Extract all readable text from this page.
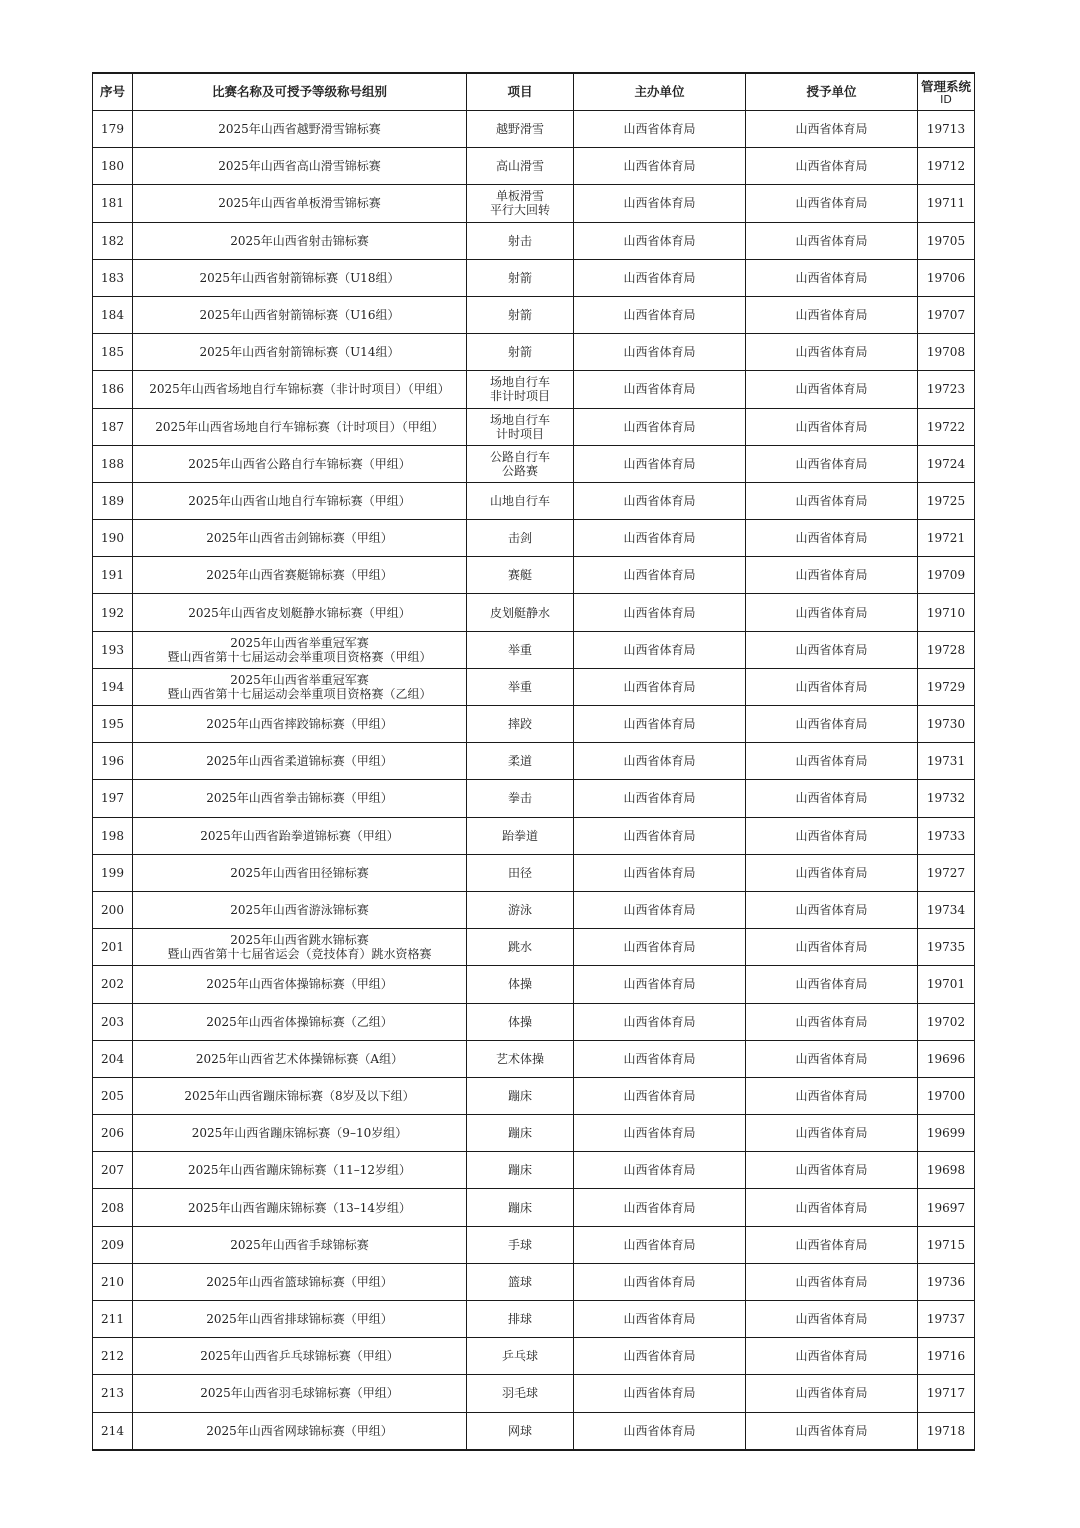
序号	比赛名称及可授予等级称号组别	项目	主办单位	授予单位	管理系统
ID

179	2025年山西省越野滑雪锦标赛	越野滑雪	山西省体育局	山西省体育局	19713
180	2025年山西省高山滑雪锦标赛	高山滑雪	山西省体育局	山西省体育局	19712
181	2025年山西省单板滑雪锦标赛	单板滑雪
平行大回转	山西省体育局	山西省体育局	19711
182	2025年山西省射击锦标赛	射击	山西省体育局	山西省体育局	19705
183	2025年山西省射箭锦标赛（U18组）	射箭	山西省体育局	山西省体育局	19706
184	2025年山西省射箭锦标赛（U16组）	射箭	山西省体育局	山西省体育局	19707
185	2025年山西省射箭锦标赛（U14组）	射箭	山西省体育局	山西省体育局	19708
186	2025年山西省场地自行车锦标赛（非计时项目）（甲组）	场地自行车
非计时项目	山西省体育局	山西省体育局	19723
187	2025年山西省场地自行车锦标赛（计时项目）（甲组）	场地自行车
计时项目	山西省体育局	山西省体育局	19722
188	2025年山西省公路自行车锦标赛（甲组）	公路自行车
公路赛	山西省体育局	山西省体育局	19724
189	2025年山西省山地自行车锦标赛（甲组）	山地自行车	山西省体育局	山西省体育局	19725
190	2025年山西省击剑锦标赛（甲组）	击剑	山西省体育局	山西省体育局	19721
191	2025年山西省赛艇锦标赛（甲组）	赛艇	山西省体育局	山西省体育局	19709
192	2025年山西省皮划艇静水锦标赛（甲组）	皮划艇静水	山西省体育局	山西省体育局	19710
193	2025年山西省举重冠军赛
暨山西省第十七届运动会举重项目资格赛（甲组）	举重	山西省体育局	山西省体育局	19728
194	2025年山西省举重冠军赛
暨山西省第十七届运动会举重项目资格赛（乙组）	举重	山西省体育局	山西省体育局	19729
195	2025年山西省摔跤锦标赛（甲组）	摔跤	山西省体育局	山西省体育局	19730
196	2025年山西省柔道锦标赛（甲组）	柔道	山西省体育局	山西省体育局	19731
197	2025年山西省拳击锦标赛（甲组）	拳击	山西省体育局	山西省体育局	19732
198	2025年山西省跆拳道锦标赛（甲组）	跆拳道	山西省体育局	山西省体育局	19733
199	2025年山西省田径锦标赛	田径	山西省体育局	山西省体育局	19727
200	2025年山西省游泳锦标赛	游泳	山西省体育局	山西省体育局	19734
201	2025年山西省跳水锦标赛
暨山西省第十七届省运会（竞技体育）跳水资格赛	跳水	山西省体育局	山西省体育局	19735
202	2025年山西省体操锦标赛（甲组）	体操	山西省体育局	山西省体育局	19701
203	2025年山西省体操锦标赛（乙组）	体操	山西省体育局	山西省体育局	19702
204	2025年山西省艺术体操锦标赛（A组）	艺术体操	山西省体育局	山西省体育局	19696
205	2025年山西省蹦床锦标赛（8岁及以下组）	蹦床	山西省体育局	山西省体育局	19700
206	2025年山西省蹦床锦标赛（9–10岁组）	蹦床	山西省体育局	山西省体育局	19699
207	2025年山西省蹦床锦标赛（11–12岁组）	蹦床	山西省体育局	山西省体育局	19698
208	2025年山西省蹦床锦标赛（13–14岁组）	蹦床	山西省体育局	山西省体育局	19697
209	2025年山西省手球锦标赛	手球	山西省体育局	山西省体育局	19715
210	2025年山西省篮球锦标赛（甲组）	篮球	山西省体育局	山西省体育局	19736
211	2025年山西省排球锦标赛（甲组）	排球	山西省体育局	山西省体育局	19737
212	2025年山西省乒乓球锦标赛（甲组）	乒乓球	山西省体育局	山西省体育局	19716
213	2025年山西省羽毛球锦标赛（甲组）	羽毛球	山西省体育局	山西省体育局	19717
214	2025年山西省网球锦标赛（甲组）	网球	山西省体育局	山西省体育局	19718
